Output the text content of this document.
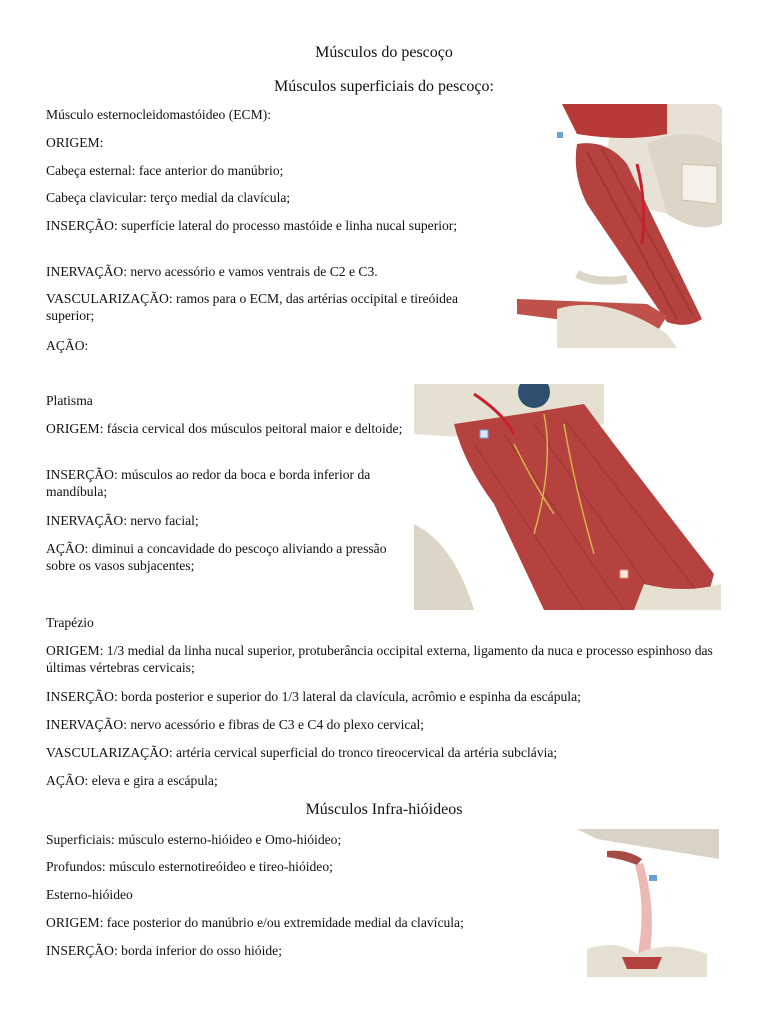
Músculos do pescoço
Músculos superficiais do pescoço:

Músculo esternocleidomastóideo (ECM):

ORIGEM:

Cabeça esternal: face anterior do manúbrio;

Cabeça clavicular: terço medial da clavícula;

INSERÇÃO: superfície lateral do processo mastóide e linha nucal superior;

INERVAÇÃO: nervo acessório e vamos ventrais de C2 e C3.

VASCULARIZAÇÃO: ramos para o ECM, das artérias occipital e tireóidea superior;

AÇÃO:

Platisma

ORIGEM: fáscia cervical dos músculos peitoral maior e deltoide;

INSERÇÃO: músculos ao redor da boca e borda inferior da mandíbula;

INERVAÇÃO: nervo facial;

AÇÃO: diminui a concavidade do pescoço aliviando a pressão sobre os vasos subjacentes;

Trapézio

ORIGEM: 1/3 medial da linha nucal superior, protuberância occipital externa, ligamento da nuca e processo espinhoso das últimas vértebras cervicais;

INSERÇÃO: borda posterior e superior do 1/3 lateral da clavícula, acrômio e espinha da escápula;

INERVAÇÃO: nervo acessório e fibras de C3 e C4 do plexo cervical;

VASCULARIZAÇÃO: artéria cervical superficial do tronco tireocervical da artéria subclávia;

AÇÃO: eleva e gira a escápula;

Músculos Infra-hióideos

Superficiais: músculo esterno-hióideo e Omo-hióideo;

Profundos: músculo esternotireóideo e tireo-hióideo;

Esterno-hióideo

ORIGEM: face posterior do manúbrio e/ou extremidade medial da clavícula;

INSERÇÃO: borda inferior do osso hióide;
